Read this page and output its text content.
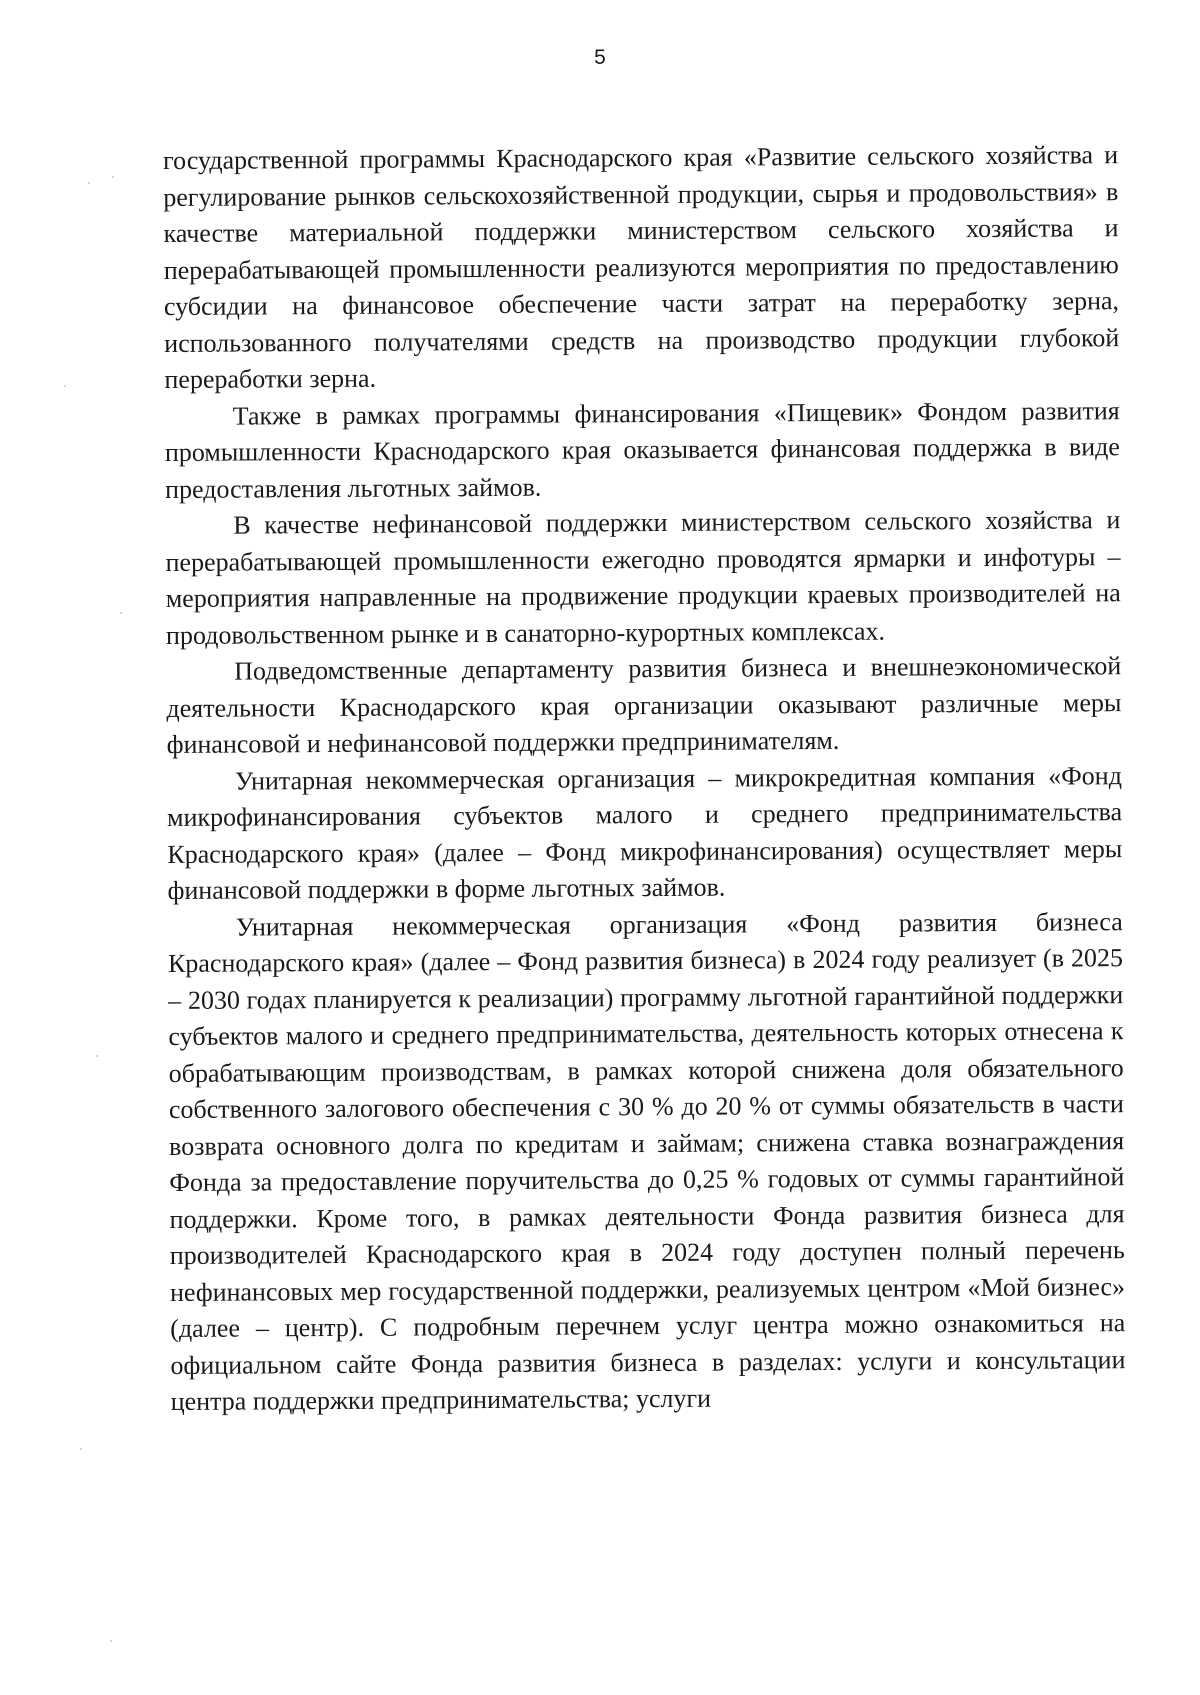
5

государственной программы Краснодарского края «Развитие сельского хозяйства и регулирование рынков сельскохозяйственной продукции, сырья и продовольствия» в качестве материальной поддержки министерством сельского хозяйства и перерабатывающей промышленности реализуются мероприятия по предоставлению субсидии на финансовое обеспечение части затрат на переработку зерна, использованного получателями средств на производство продукции глубокой переработки зерна.

Также в рамках программы финансирования «Пищевик» Фондом развития промышленности Краснодарского края оказывается финансовая поддержка в виде предоставления льготных займов.

В качестве нефинансовой поддержки министерством сельского хозяйства и перерабатывающей промышленности ежегодно проводятся ярмарки и инфотуры – мероприятия направленные на продвижение продукции краевых производителей на продовольственном рынке и в санаторно-курортных комплексах.

Подведомственные департаменту развития бизнеса и внешнеэкономической деятельности Краснодарского края организации оказывают различные меры финансовой и нефинансовой поддержки предпринимателям.

Унитарная некоммерческая организация – микрокредитная компания «Фонд микрофинансирования субъектов малого и среднего предпринимательства Краснодарского края» (далее – Фонд микрофинансирования) осуществляет меры финансовой поддержки в форме льготных займов.

Унитарная некоммерческая организация «Фонд развития бизнеса Краснодарского края» (далее – Фонд развития бизнеса) в 2024 году реализует (в 2025 – 2030 годах планируется к реализации) программу льготной гарантийной поддержки субъектов малого и среднего предпринимательства, деятельность которых отнесена к обрабатывающим производствам, в рамках которой снижена доля обязательного собственного залогового обеспечения с 30 % до 20 % от суммы обязательств в части возврата основного долга по кредитам и займам; снижена ставка вознаграждения Фонда за предоставление поручительства до 0,25 % годовых от суммы гарантийной поддержки. Кроме того, в рамках деятельности Фонда развития бизнеса для производителей Краснодарского края в 2024 году доступен полный перечень нефинансовых мер государственной поддержки, реализуемых центром «Мой бизнес» (далее – центр). С подробным перечнем услуг центра можно ознакомиться на официальном сайте Фонда развития бизнеса в разделах: услуги и консультации центра поддержки предпринимательства; услуги
